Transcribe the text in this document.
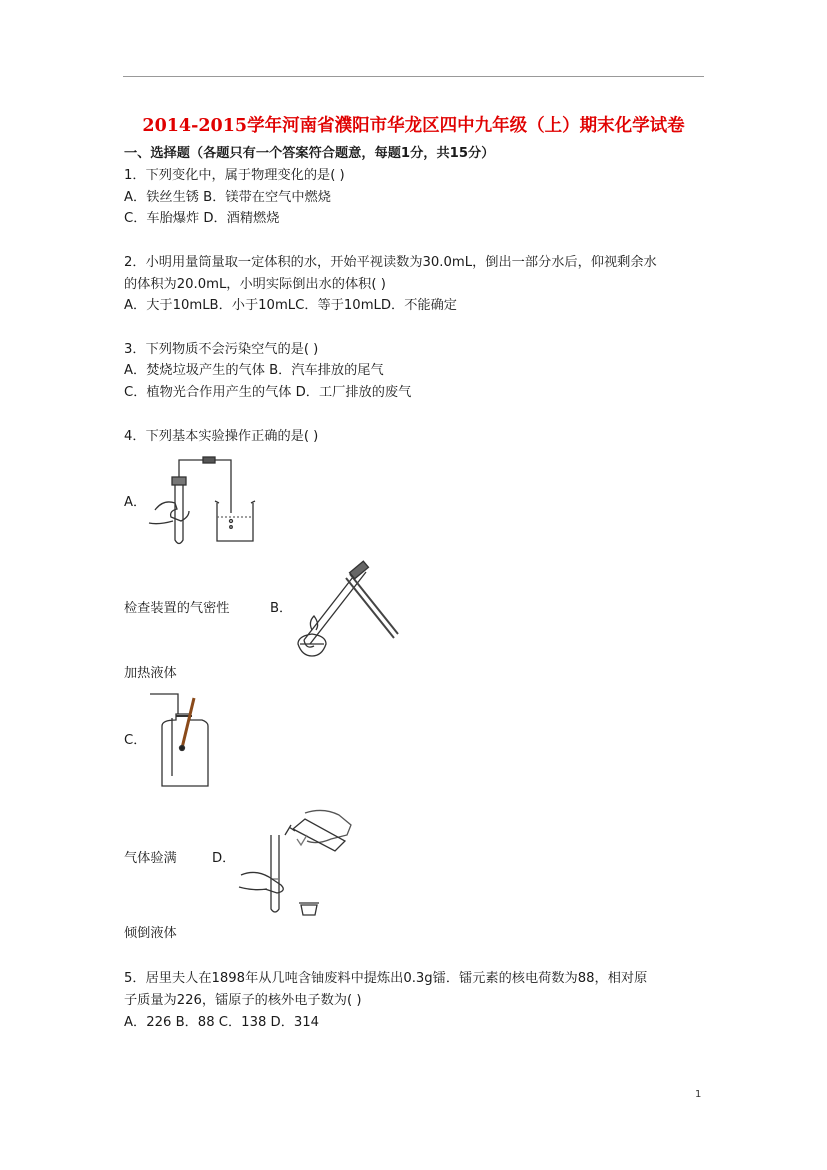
2014-2015学年河南省濮阳市华龙区四中九年级（上）期末化学试卷
一、选择题（各题只有一个答案符合题意，每题1分，共15分）
1．下列变化中，属于物理变化的是( )
A．铁丝生锈 B．镁带在空气中燃烧
C．车胎爆炸 D．酒精燃烧
2．小明用量筒量取一定体积的水，开始平视读数为30.0mL，倒出一部分水后，仰视剩余水
的体积为20.0mL，小明实际倒出水的体积( )
A．大于10mLB．小于10mLC．等于10mLD．不能确定
3．下列物质不会污染空气的是( )
A．焚烧垃圾产生的气体 B．汽车排放的尾气
C．植物光合作用产生的气体 D．工厂排放的废气
4．下列基本实验操作正确的是( )
A．
检查装置的气密性	B．
加热液体
C．
气体验满	D．
倾倒液体
5．居里夫人在1898年从几吨含铀废料中提炼出0.3g镭．镭元素的核电荷数为88，相对原
子质量为226，镭原子的核外电子数为( )
A．226 B．88 C．138 D．314
1
